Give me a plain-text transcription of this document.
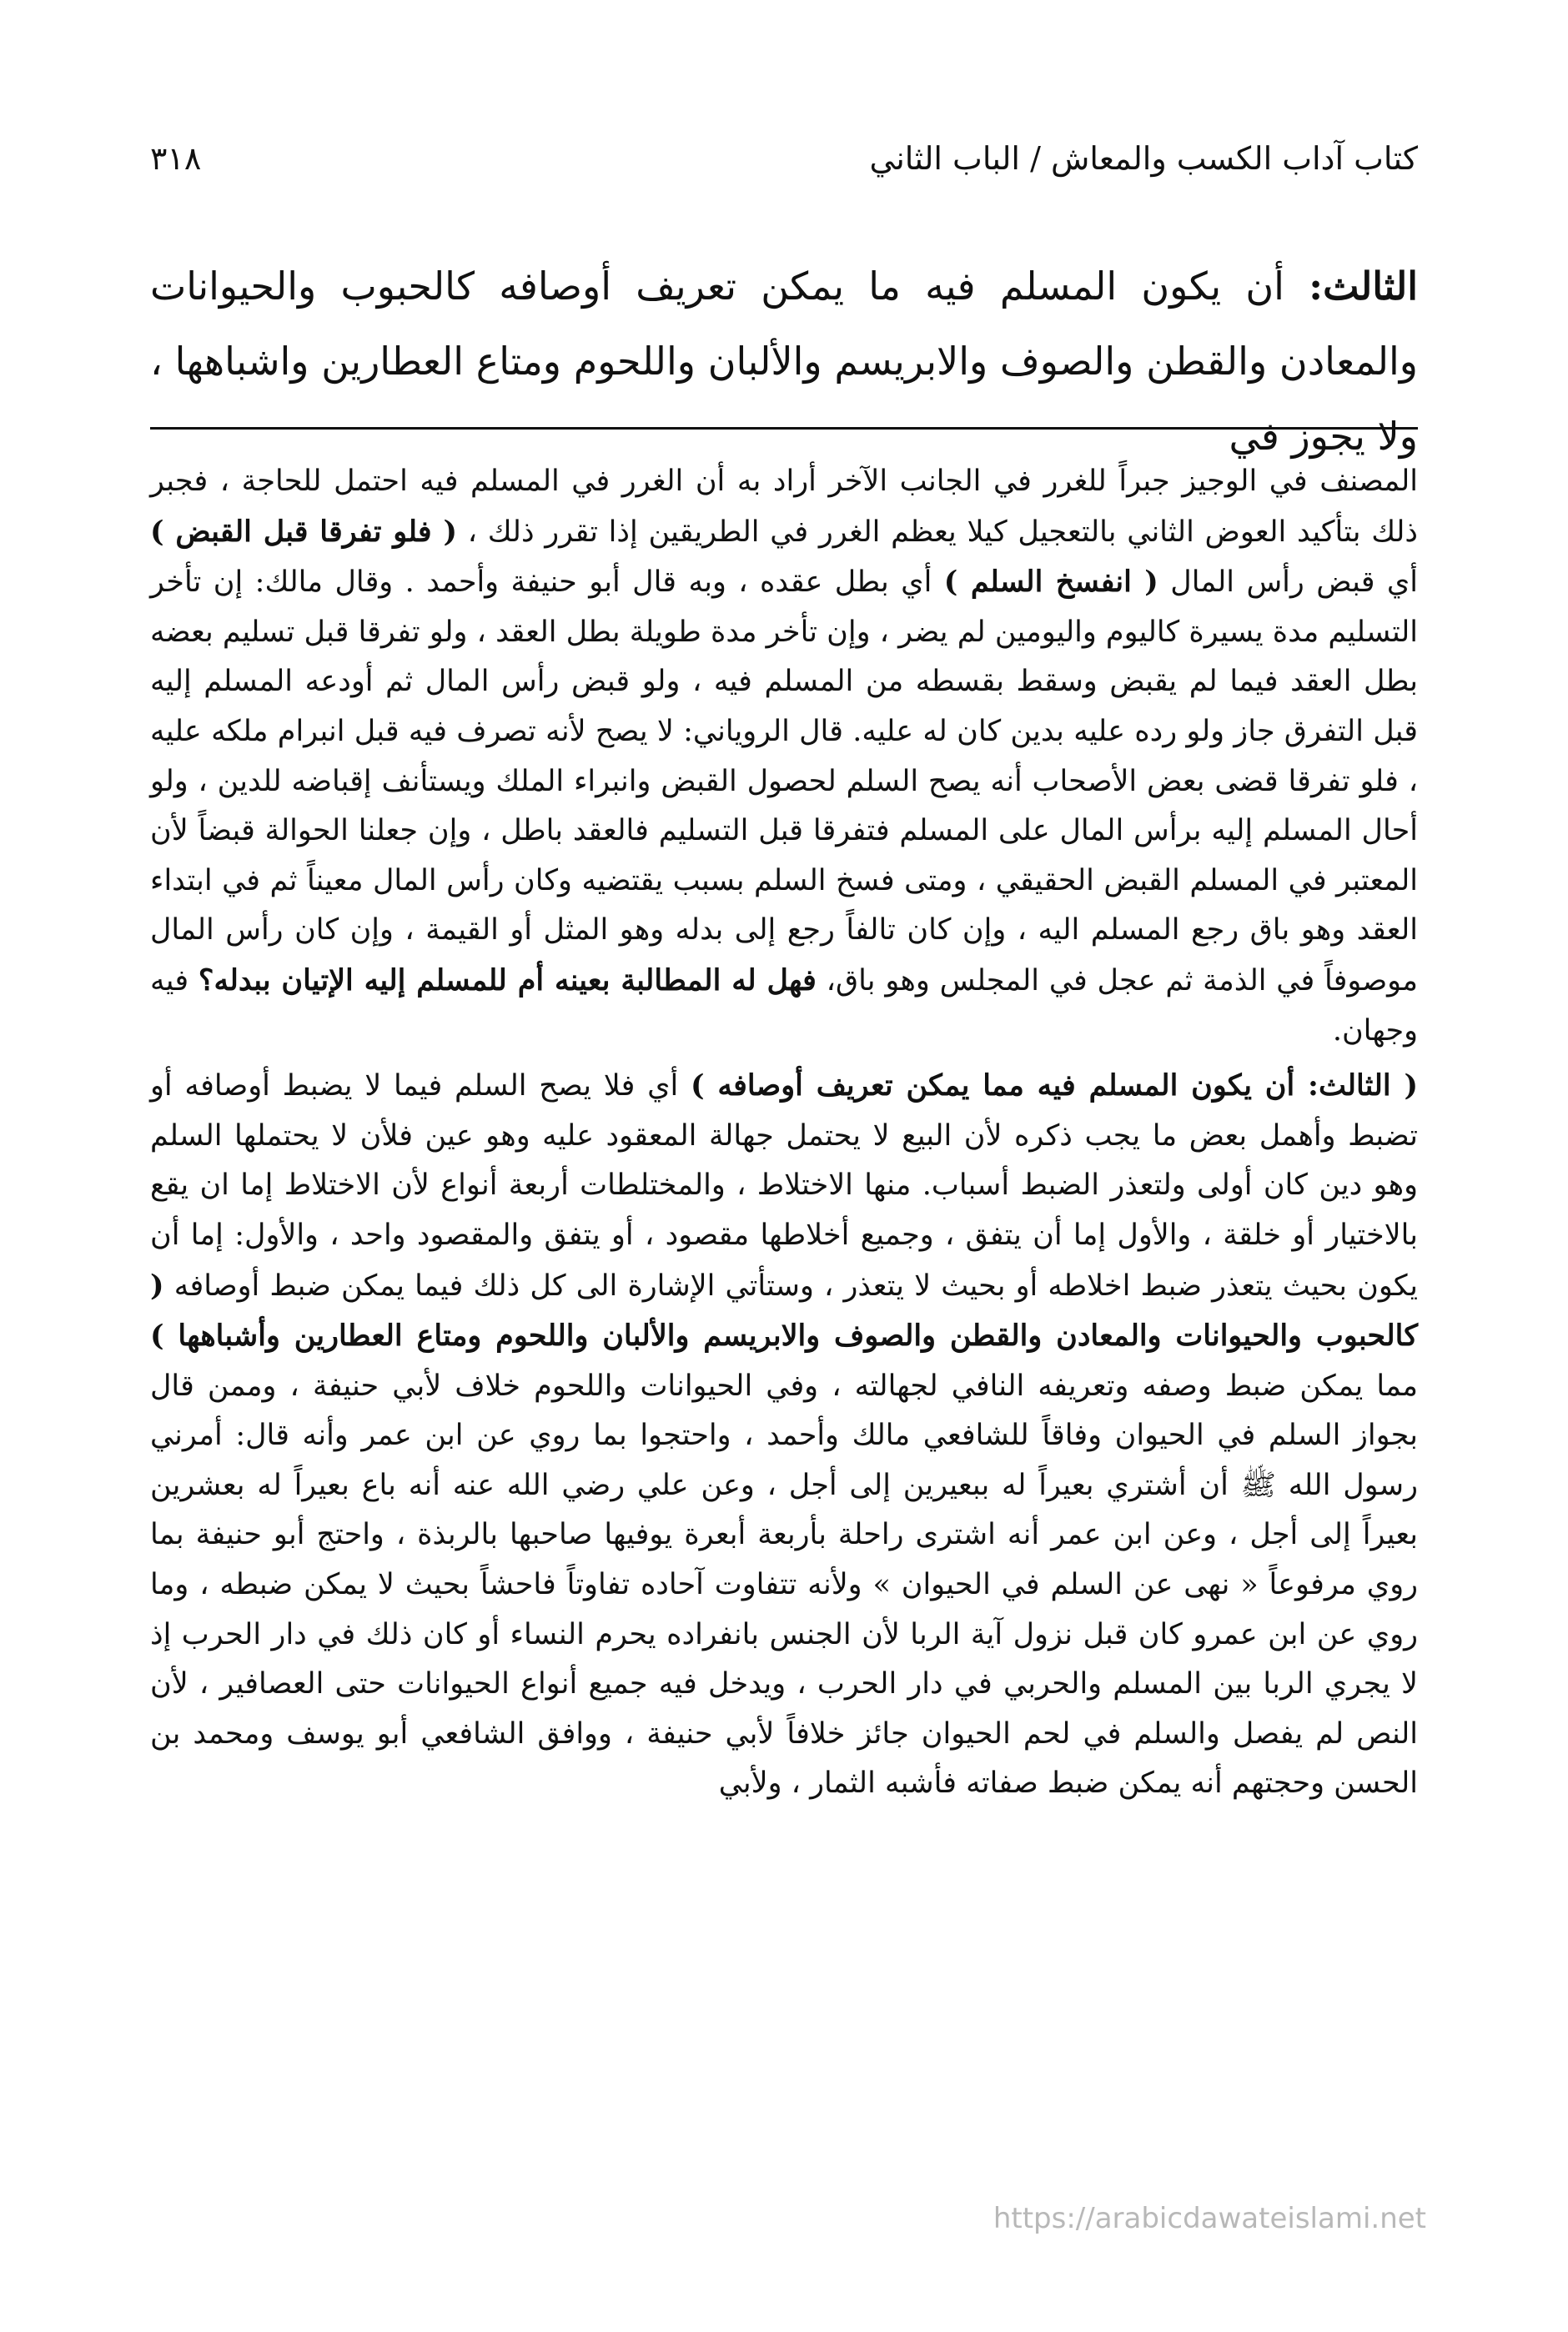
كتاب آداب الكسب والمعاش / الباب الثاني
٣١٨
الثالث: أن يكون المسلم فيه ما يمكن تعريف أوصافه كالحبوب والحيوانات والمعادن والقطن والصوف والابريسم والألبان واللحوم ومتاع العطارين واشباهها ، ولا يجوز في

المصنف في الوجيز جبراً للغرر في الجانب الآخر أراد به أن الغرر في المسلم فيه احتمل للحاجة ، فجبر ذلك بتأكيد العوض الثاني بالتعجيل كيلا يعظم الغرر في الطريقين إذا تقرر ذلك ، ( فلو تفرقا قبل القبض ) أي قبض رأس المال ( انفسخ السلم ) أي بطل عقده ، وبه قال أبو حنيفة وأحمد . وقال مالك: إن تأخر التسليم مدة يسيرة كاليوم واليومين لم يضر ، وإن تأخر مدة طويلة بطل العقد ، ولو تفرقا قبل تسليم بعضه بطل العقد فيما لم يقبض وسقط بقسطه من المسلم فيه ، ولو قبض رأس المال ثم أودعه المسلم إليه قبل التفرق جاز ولو رده عليه بدين كان له عليه. قال الروياني: لا يصح لأنه تصرف فيه قبل انبرام ملكه عليه ، فلو تفرقا قضى بعض الأصحاب أنه يصح السلم لحصول القبض وانبراء الملك ويستأنف إقباضه للدين ، ولو أحال المسلم إليه برأس المال على المسلم فتفرقا قبل التسليم فالعقد باطل ، وإن جعلنا الحوالة قبضاً لأن المعتبر في المسلم القبض الحقيقي ، ومتى فسخ السلم بسبب يقتضيه وكان رأس المال معيناً ثم في ابتداء العقد وهو باق رجع المسلم اليه ، وإن كان تالفاً رجع إلى بدله وهو المثل أو القيمة ، وإن كان رأس المال موصوفاً في الذمة ثم عجل في المجلس وهو باق، فهل له المطالبة بعينه أم للمسلم إليه الإتيان ببدله؟ فيه وجهان.

( الثالث: أن يكون المسلم فيه مما يمكن تعريف أوصافه ) أي فلا يصح السلم فيما لا يضبط أوصافه أو تضبط وأهمل بعض ما يجب ذكره لأن البيع لا يحتمل جهالة المعقود عليه وهو عين فلأن لا يحتملها السلم وهو دين كان أولى ولتعذر الضبط أسباب. منها الاختلاط ، والمختلطات أربعة أنواع لأن الاختلاط إما ان يقع بالاختيار أو خلقة ، والأول إما أن يتفق ، وجميع أخلاطها مقصود ، أو يتفق والمقصود واحد ، والأول: إما أن يكون بحيث يتعذر ضبط اخلاطه أو بحيث لا يتعذر ، وستأتي الإشارة الى كل ذلك فيما يمكن ضبط أوصافه ( كالحبوب والحيوانات والمعادن والقطن والصوف والابريسم والألبان واللحوم ومتاع العطارين وأشباهها ) مما يمكن ضبط وصفه وتعريفه النافي لجهالته ، وفي الحيوانات واللحوم خلاف لأبي حنيفة ، وممن قال بجواز السلم في الحيوان وفاقاً للشافعي مالك وأحمد ، واحتجوا بما روي عن ابن عمر وأنه قال: أمرني رسول الله ﷺ أن أشتري بعيراً له ببعيرين إلى أجل ، وعن علي رضي الله عنه أنه باع بعيراً له بعشرين بعيراً إلى أجل ، وعن ابن عمر أنه اشترى راحلة بأربعة أبعرة يوفيها صاحبها بالربذة ، واحتج أبو حنيفة بما روي مرفوعاً « نهى عن السلم في الحيوان » ولأنه تتفاوت آحاده تفاوتاً فاحشاً بحيث لا يمكن ضبطه ، وما روي عن ابن عمرو كان قبل نزول آية الربا لأن الجنس بانفراده يحرم النساء أو كان ذلك في دار الحرب إذ لا يجري الربا بين المسلم والحربي في دار الحرب ، ويدخل فيه جميع أنواع الحيوانات حتى العصافير ، لأن النص لم يفصل والسلم في لحم الحيوان جائز خلافاً لأبي حنيفة ، ووافق الشافعي أبو يوسف ومحمد بن الحسن وحجتهم أنه يمكن ضبط صفاته فأشبه الثمار ، ولأبي

https://arabicdawateislami.net
